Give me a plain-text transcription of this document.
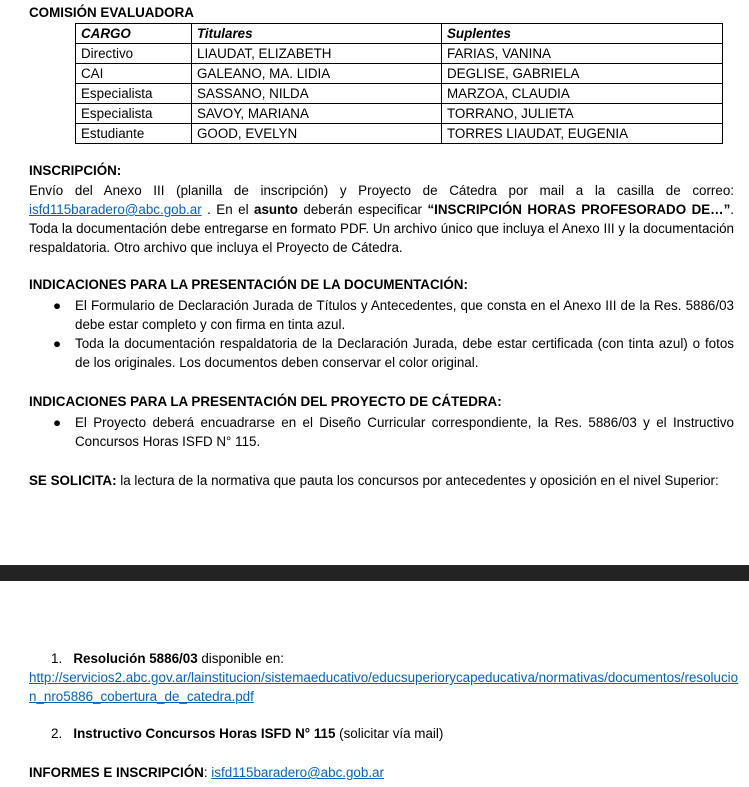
COMISIÓN EVALUADORA
CARGO	Titulares	Suplentes
Directivo	LIAUDAT, ELIZABETH	FARIAS, VANINA
CAI	GALEANO, MA. LIDIA	DEGLISE, GABRIELA
Especialista	SASSANO, NILDA	MARZOA, CLAUDIA
Especialista	SAVOY, MARIANA	TORRANO, JULIETA
Estudiante	GOOD, EVELYN	TORRES LIAUDAT, EUGENIA
INSCRIPCIÓN:
Envío del Anexo III (planilla de inscripción) y Proyecto de Cátedra por mail a la casilla de correo: isfd115baradero@abc.gob.ar . En el asunto deberán especificar “INSCRIPCIÓN HORAS PROFESORADO DE…”. Toda la documentación debe entregarse en formato PDF. Un archivo único que incluya el Anexo III y la documentación respaldatoria. Otro archivo que incluya el Proyecto de Cátedra.
INDICACIONES PARA LA PRESENTACIÓN DE LA DOCUMENTACIÓN:
● El Formulario de Declaración Jurada de Títulos y Antecedentes, que consta en el Anexo III de la Res. 5886/03 debe estar completo y con firma en tinta azul.
● Toda la documentación respaldatoria de la Declaración Jurada, debe estar certificada (con tinta azul) o fotos de los originales. Los documentos deben conservar el color original.
INDICACIONES PARA LA PRESENTACIÓN DEL PROYECTO DE CÁTEDRA:
● El Proyecto deberá encuadrarse en el Diseño Curricular correspondiente, la Res. 5886/03 y el Instructivo Concursos Horas ISFD N° 115.
SE SOLICITA: la lectura de la normativa que pauta los concursos por antecedentes y oposición en el nivel Superior:
1. Resolución 5886/03 disponible en:
http://servicios2.abc.gov.ar/lainstitucion/sistemaeducativo/educsuperiorycapeducativa/normativas/documentos/resolucion_nro5886_cobertura_de_catedra.pdf
2. Instructivo Concursos Horas ISFD N° 115 (solicitar vía mail)
INFORMES E INSCRIPCIÓN: isfd115baradero@abc.gob.ar
